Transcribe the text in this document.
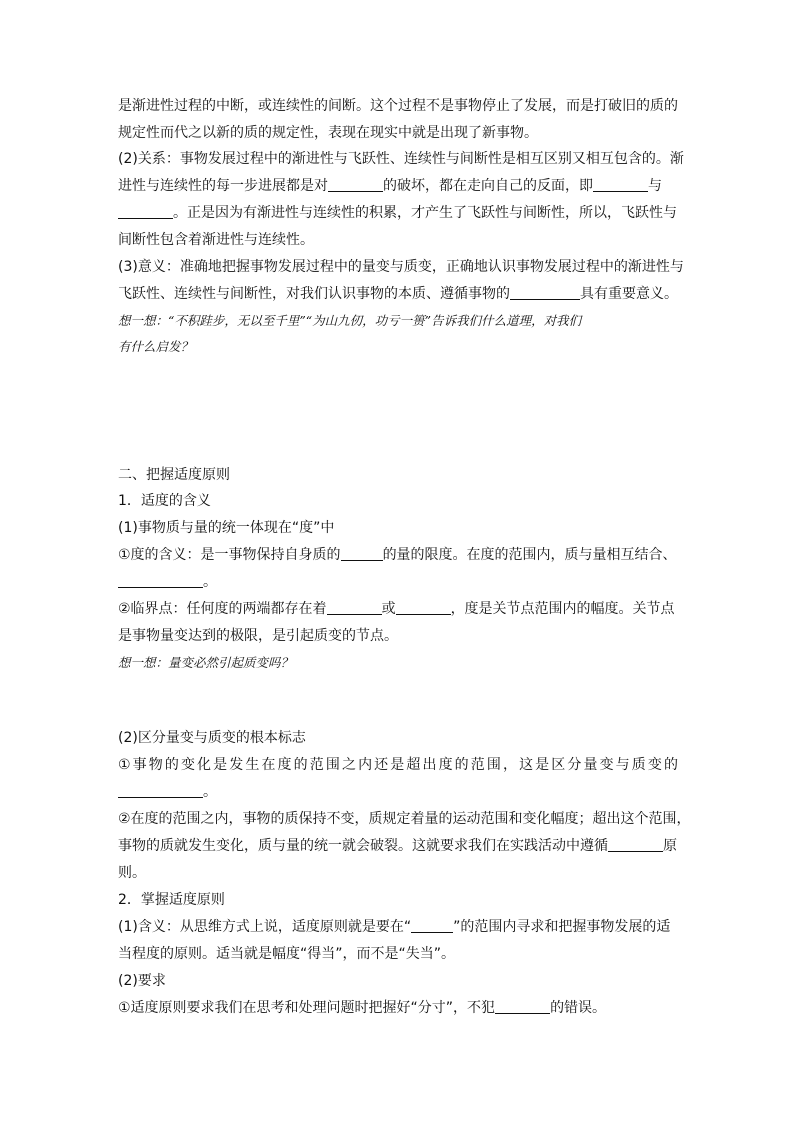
是渐进性过程的中断，或连续性的间断。这个过程不是事物停止了发展，而是打破旧的质的
规定性而代之以新的质的规定性，表现在现实中就是出现了新事物。
(2)关系：事物发展过程中的渐进性与飞跃性、连续性与间断性是相互区别又相互包含的。渐
进性与连续性的每一步进展都是对	的破坏，都在走向自己的反面，即	与
。正是因为有渐进性与连续性的积累，才产生了飞跃性与间断性，所以，飞跃性与
间断性包含着渐进性与连续性。
(3)意义：准确地把握事物发展过程中的量变与质变，正确地认识事物发展过程中的渐进性与
飞跃性、连续性与间断性，对我们认识事物的本质、遵循事物的	具有重要意义。
想一想：“不积跬步，无以至千里”“为山九仞，功亏一篑”告诉我们什么道理，对我们
有什么启发？
二、把握适度原则
1．适度的含义
(1)事物质与量的统一体现在“度”中
①度的含义：是一事物保持自身质的	的量的限度。在度的范围内，质与量相互结合、
。
②临界点：任何度的两端都存在着	或	，度是关节点范围内的幅度。关节点
是事物量变达到的极限，是引起质变的节点。
想一想：量变必然引起质变吗？
(2)区分量变与质变的根本标志
①事物的变化是发生在度的范围之内还是超出度的范围，这是区分量变与质变的
。
②在度的范围之内，事物的质保持不变，质规定着量的运动范围和变化幅度；超出这个范围，
事物的质就发生变化，质与量的统一就会破裂。这就要求我们在实践活动中遵循	原
则。
2．掌握适度原则
(1)含义：从思维方式上说，适度原则就是要在“	”的范围内寻求和把握事物发展的适
当程度的原则。适当就是幅度“得当”，而不是“失当”。
(2)要求
①适度原则要求我们在思考和处理问题时把握好“分寸”，不犯	的错误。
